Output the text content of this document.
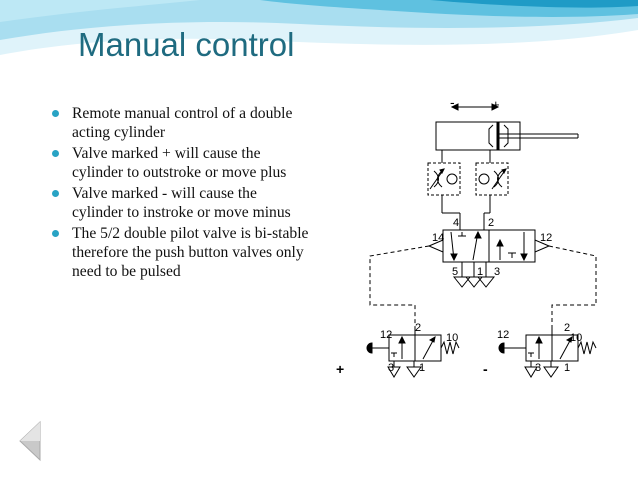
Manual control
Remote manual control of a double acting cylinder
Valve marked + will cause the cylinder to outstroke or move plus
Valve marked - will cause the cylinder to instroke or move minus
The 5/2 double pilot valve is bi-stable therefore the push button valves only need to be pulsed
-	+
4	2
14	12
5 1 3
12
2
10
3 1
+
12
2
10
3 1
-
